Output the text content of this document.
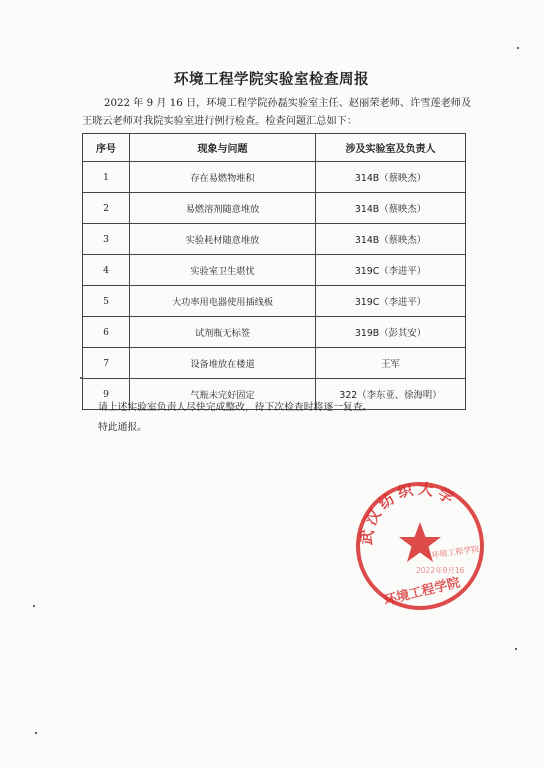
环境工程学院实验室检查周报
2022 年 9 月 16 日，环境工程学院孙磊实验室主任、赵丽荣老师、许雪莲老师及王晓云老师对我院实验室进行例行检查。检查问题汇总如下：
序号	现象与问题	涉及实验室及负责人
1	存在易燃物堆积	314B（蔡映杰）
2	易燃溶剂随意堆放	314B（蔡映杰）
3	实验耗材随意堆放	314B（蔡映杰）
4	实验室卫生堪忧	319C（李进平）
5	大功率用电器使用插线板	319C（李进平）
6	试剂瓶无标签	319B（彭其安）
7	设备堆放在楼道	王军
9	气瓶未完好固定	322（李东亚、徐海明）

请上述实验室负责人尽快完成整改，待下次检查时将逐一复查。

特此通报。

武汉纺织大学
环境工程学院
环境工程学院
2022年9月16
